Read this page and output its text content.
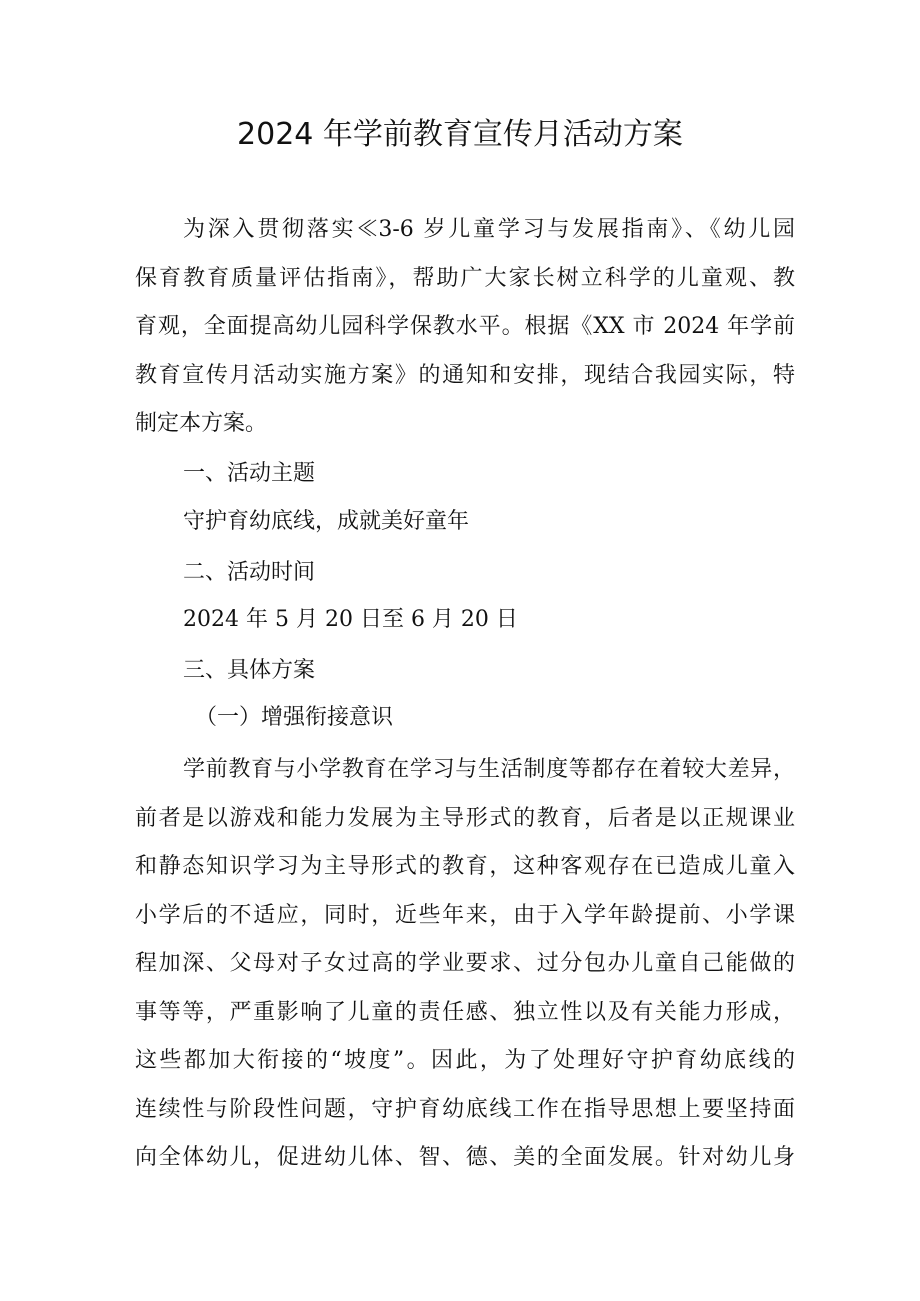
2024 年学前教育宣传月活动方案
为深入贯彻落实≪3-6 岁儿童学习与发展指南》、《幼儿园
保育教育质量评估指南》，帮助广大家长树立科学的儿童观、教
育观，全面提高幼儿园科学保教水平。根据《XX 市 2024 年学前
教育宣传月活动实施方案》的通知和安排，现结合我园实际，特
制定本方案。
一、活动主题
守护育幼底线，成就美好童年
二、活动时间
2024 年 5 月 20 日至 6 月 20 日
三、具体方案
（一）增强衔接意识
学前教育与小学教育在学习与生活制度等都存在着较大差异，
前者是以游戏和能力发展为主导形式的教育，后者是以正规课业
和静态知识学习为主导形式的教育，这种客观存在已造成儿童入
小学后的不适应，同时，近些年来，由于入学年龄提前、小学课
程加深、父母对子女过高的学业要求、过分包办儿童自己能做的
事等等，严重影响了儿童的责任感、独立性以及有关能力形成，
这些都加大衔接的“坡度”。因此，为了处理好守护育幼底线的
连续性与阶段性问题，守护育幼底线工作在指导思想上要坚持面
向全体幼儿，促进幼儿体、智、德、美的全面发展。针对幼儿身
